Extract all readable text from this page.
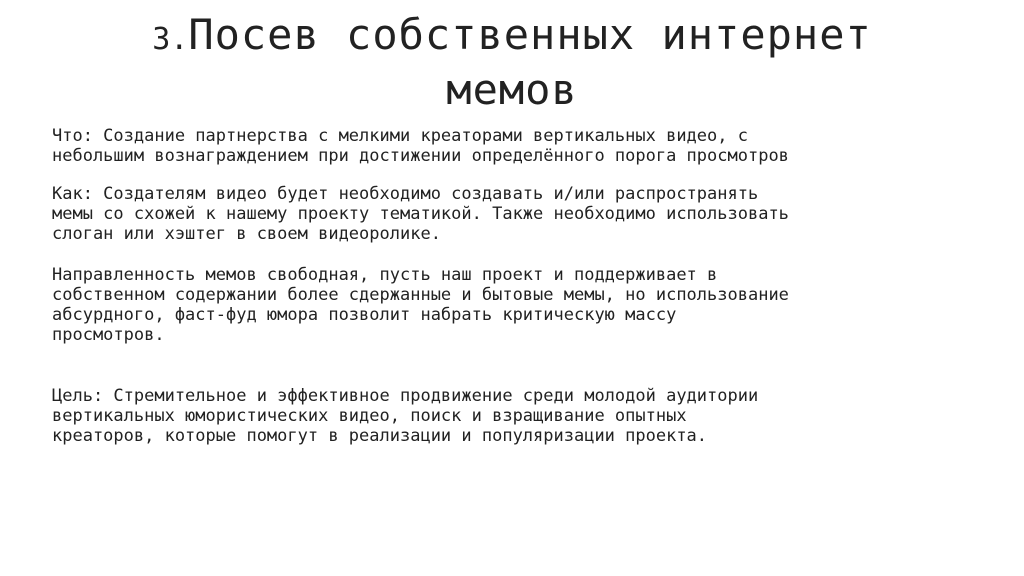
3.Посев собственных интернет
мемов

Что: Создание партнерства с мелкими креаторами вертикальных видео, с
небольшим вознаграждением при достижении определённого порога просмотров

Как: Создателям видео будет необходимо создавать и/или распространять
мемы со схожей к нашему проекту тематикой. Также необходимо использовать
слоган или хэштег в своем видеоролике.

Направленность мемов свободная, пусть наш проект и поддерживает в
собственном содержании более сдержанные и бытовые мемы, но использование
абсурдного, фаст-фуд юмора позволит набрать критическую массу
просмотров.

Цель: Стремительное и эффективное продвижение среди молодой аудитории
вертикальных юмористических видео, поиск и взращивание опытных
креаторов, которые помогут в реализации и популяризации проекта.
